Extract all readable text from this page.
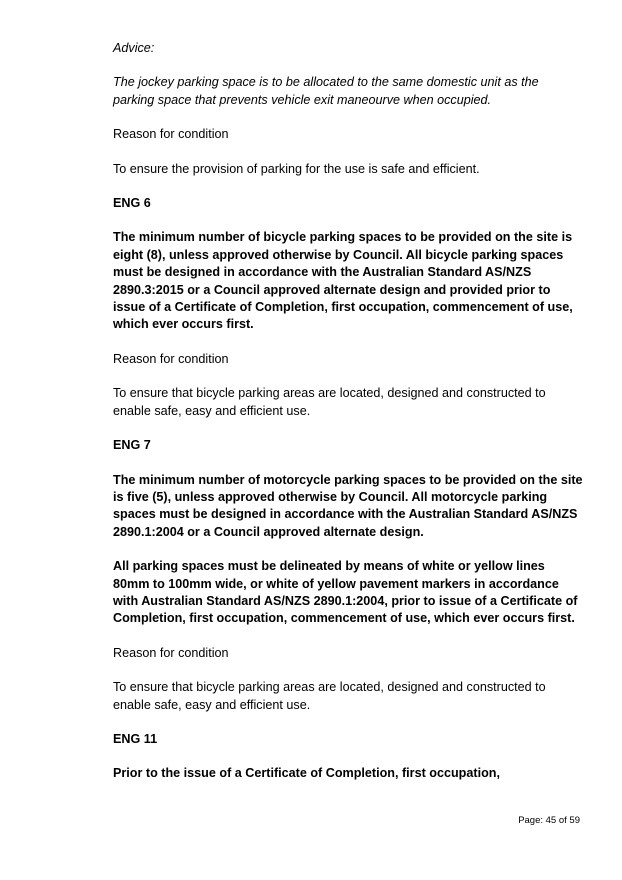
Advice:

The jockey parking space is to be allocated to the same domestic unit as the parking space that prevents vehicle exit maneourve when occupied.

Reason for condition

To ensure the provision of parking for the use is safe and efficient.

ENG 6

The minimum number of bicycle parking spaces to be provided on the site is eight (8), unless approved otherwise by Council. All bicycle parking spaces must be designed in accordance with the Australian Standard AS/NZS 2890.3:2015 or a Council approved alternate design and provided prior to issue of a Certificate of Completion, first occupation, commencement of use, which ever occurs first.

Reason for condition

To ensure that bicycle parking areas are located, designed and constructed to enable safe, easy and efficient use.

ENG 7

The minimum number of motorcycle parking spaces to be provided on the site is five (5), unless approved otherwise by Council. All motorcycle parking spaces must be designed in accordance with the Australian Standard AS/NZS 2890.1:2004 or a Council approved alternate design.

All parking spaces must be delineated by means of white or yellow lines 80mm to 100mm wide, or white of yellow pavement markers in accordance with Australian Standard AS/NZS 2890.1:2004, prior to issue of a Certificate of Completion, first occupation, commencement of use, which ever occurs first.

Reason for condition

To ensure that bicycle parking areas are located, designed and constructed to enable safe, easy and efficient use.

ENG 11

Prior to the issue of a Certificate of Completion, first occupation,

Page: 45 of 59
